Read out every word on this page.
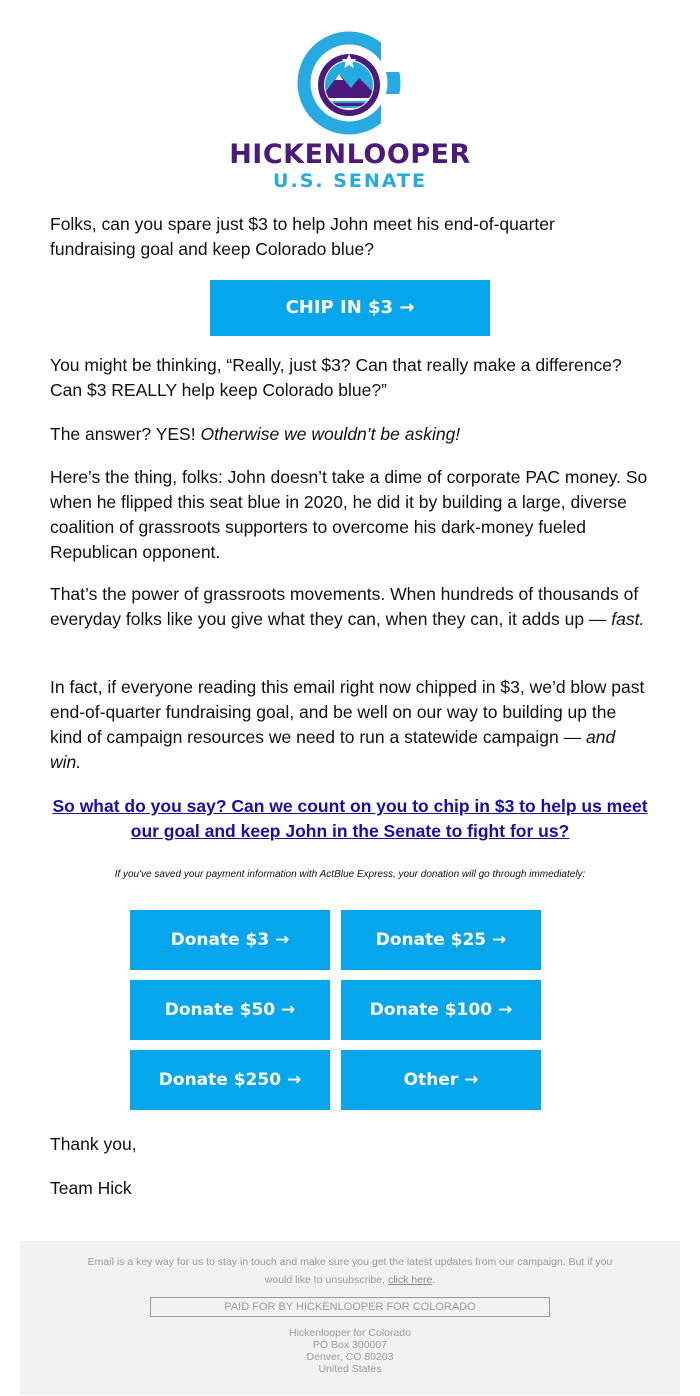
HICKENLOOPER
U.S. SENATE

Folks, can you spare just $3 to help John meet his end-of-quarter fundraising goal and keep Colorado blue?

CHIP IN $3 →

You might be thinking, “Really, just $3? Can that really make a difference? Can $3 REALLY help keep Colorado blue?”

The answer? YES! Otherwise we wouldn’t be asking!

Here’s the thing, folks: John doesn’t take a dime of corporate PAC money. So when he flipped this seat blue in 2020, he did it by building a large, diverse coalition of grassroots supporters to overcome his dark-money fueled Republican opponent.

That’s the power of grassroots movements. When hundreds of thousands of everyday folks like you give what they can, when they can, it adds up — fast.

In fact, if everyone reading this email right now chipped in $3, we’d blow past end-of-quarter fundraising goal, and be well on our way to building up the kind of campaign resources we need to run a statewide campaign — and win.

So what do you say? Can we count on you to chip in $3 to help us meet our goal and keep John in the Senate to fight for us?
If you've saved your payment information with ActBlue Express, your donation will go through immediately:
Donate $3 →	Donate $25 →
Donate $50 →	Donate $100 →
Donate $250 →	Other →

Thank you,

Team Hick

Email is a key way for us to stay in touch and make sure you get the latest updates from our campaign. But if you would like to unsubscribe, click here.
PAID FOR BY HICKENLOOPER FOR COLORADO
Hickenlooper for Colorado
PO Box 300007
Denver, CO 80203
United States
